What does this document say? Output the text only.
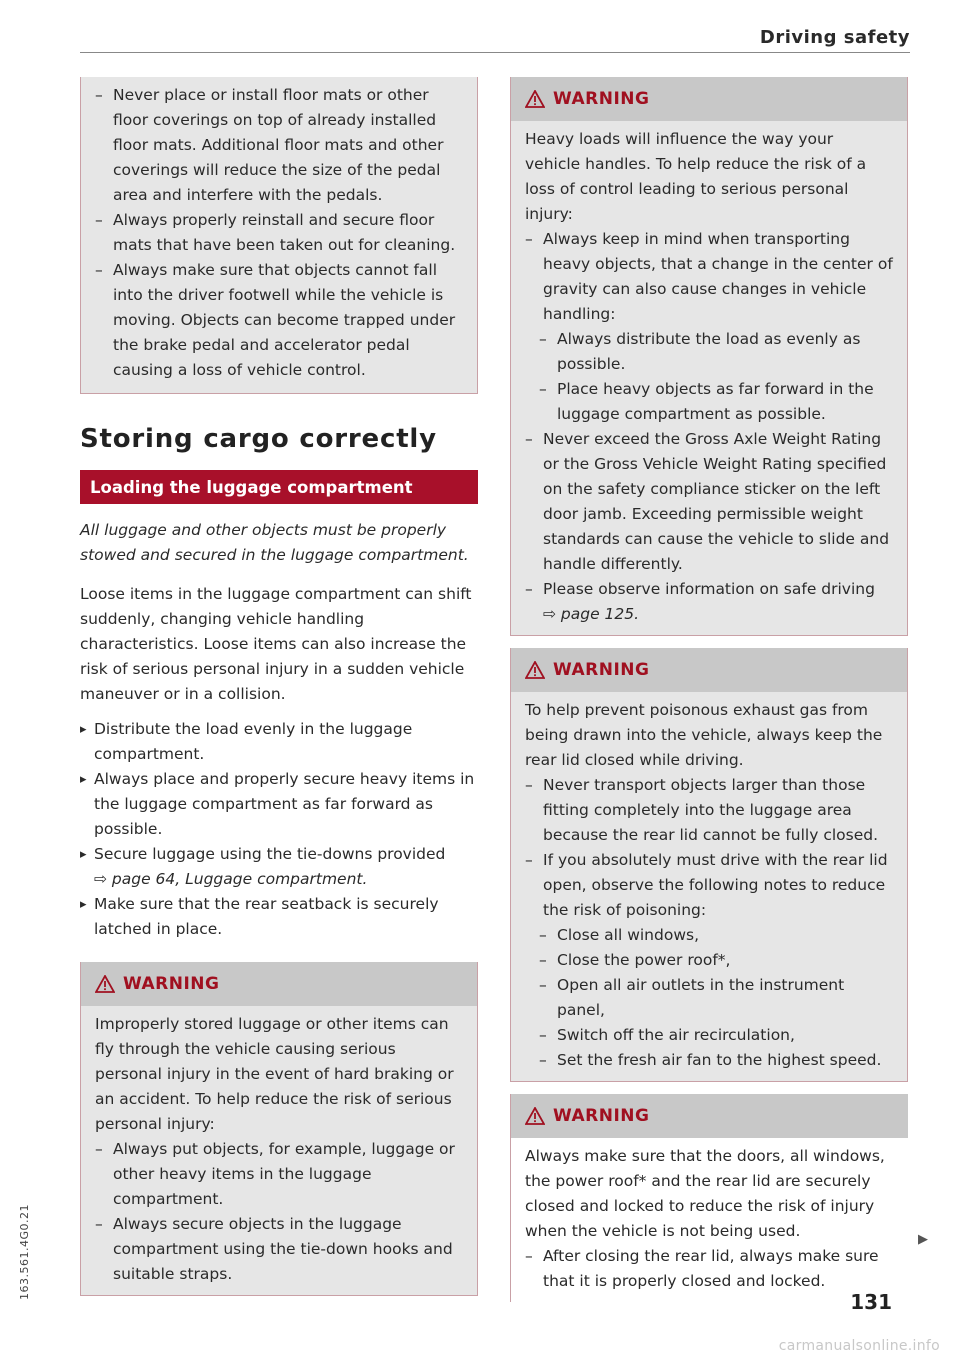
Driving safety
– Never place or install floor mats or other floor coverings on top of already installed floor mats. Additional floor mats and other coverings will reduce the size of the pedal area and interfere with the pedals.
– Always properly reinstall and secure floor mats that have been taken out for cleaning.
– Always make sure that objects cannot fall into the driver footwell while the vehicle is moving. Objects can become trapped under the brake pedal and accelerator pedal causing a loss of vehicle control.
Storing cargo correctly
Loading the luggage compartment
All luggage and other objects must be properly stowed and secured in the luggage compartment.
Loose items in the luggage compartment can shift suddenly, changing vehicle handling characteristics. Loose items can also increase the risk of serious personal injury in a sudden vehicle maneuver or in a collision.
▸ Distribute the load evenly in the luggage compartment.
▸ Always place and properly secure heavy items in the luggage compartment as far forward as possible.
▸ Secure luggage using the tie-downs provided
⇨ page 64, Luggage compartment.
▸ Make sure that the rear seatback is securely latched in place.
WARNING
Improperly stored luggage or other items can fly through the vehicle causing serious personal injury in the event of hard braking or an accident. To help reduce the risk of serious personal injury:
– Always put objects, for example, luggage or other heavy items in the luggage compartment.
– Always secure objects in the luggage compartment using the tie-down hooks and suitable straps.
WARNING
Heavy loads will influence the way your vehicle handles. To help reduce the risk of a loss of control leading to serious personal injury:
– Always keep in mind when transporting heavy objects, that a change in the center of gravity can also cause changes in vehicle handling:
– Always distribute the load as evenly as possible.
– Place heavy objects as far forward in the luggage compartment as possible.
– Never exceed the Gross Axle Weight Rating or the Gross Vehicle Weight Rating specified on the safety compliance sticker on the left door jamb. Exceeding permissible weight standards can cause the vehicle to slide and handle differently.
– Please observe information on safe driving
⇨ page 125.
WARNING
To help prevent poisonous exhaust gas from being drawn into the vehicle, always keep the rear lid closed while driving.
– Never transport objects larger than those fitting completely into the luggage area because the rear lid cannot be fully closed.
– If you absolutely must drive with the rear lid open, observe the following notes to reduce the risk of poisoning:
– Close all windows,
– Close the power roof*,
– Open all air outlets in the instrument panel,
– Switch off the air recirculation,
– Set the fresh air fan to the highest speed.
WARNING
Always make sure that the doors, all windows, the power roof* and the rear lid are securely closed and locked to reduce the risk of injury when the vehicle is not being used.
– After closing the rear lid, always make sure that it is properly closed and locked.
▶
163.561.4G0.21
131
carmanualsonline.info
